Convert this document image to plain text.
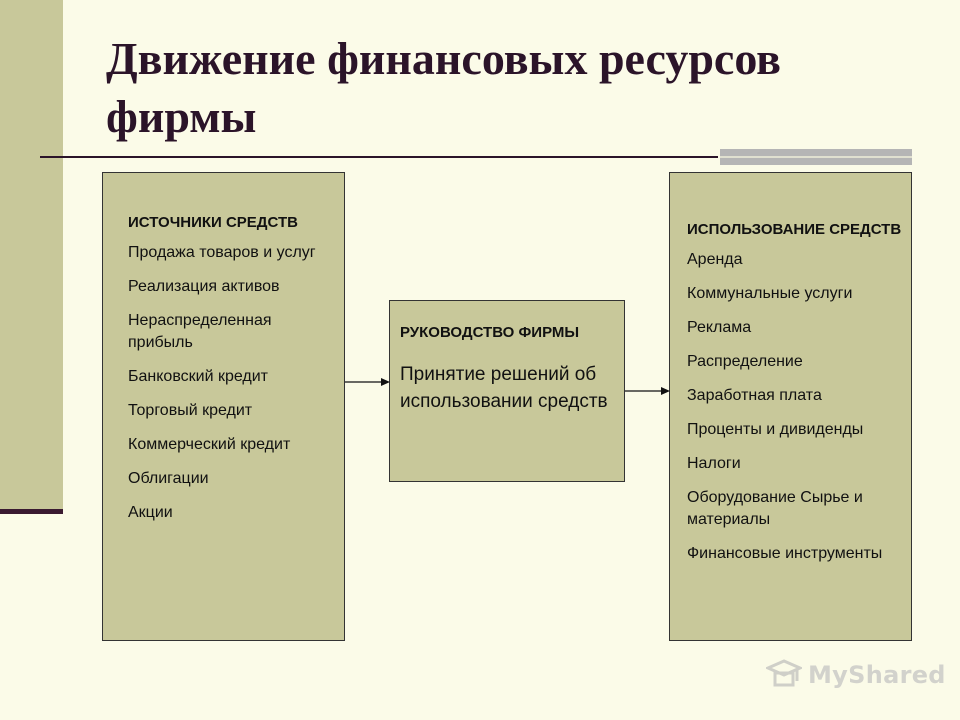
Движение финансовых ресурсов фирмы
ИСТОЧНИКИ СРЕДСТВ
Продажа товаров и услуг
Реализация активов
Нераспределенная прибыль
Банковский кредит
Торговый кредит
Коммерческий кредит
Облигации
Акции
РУКОВОДСТВО ФИРМЫ

Принятие решений об использовании средств

ИСПОЛЬЗОВАНИЕ СРЕДСТВ
Аренда
Коммунальные услуги
Реклама
Распределение
Заработная плата
Проценты и дивиденды
Налоги
Оборудование Сырье и материалы
Финансовые инструменты
MyShared
